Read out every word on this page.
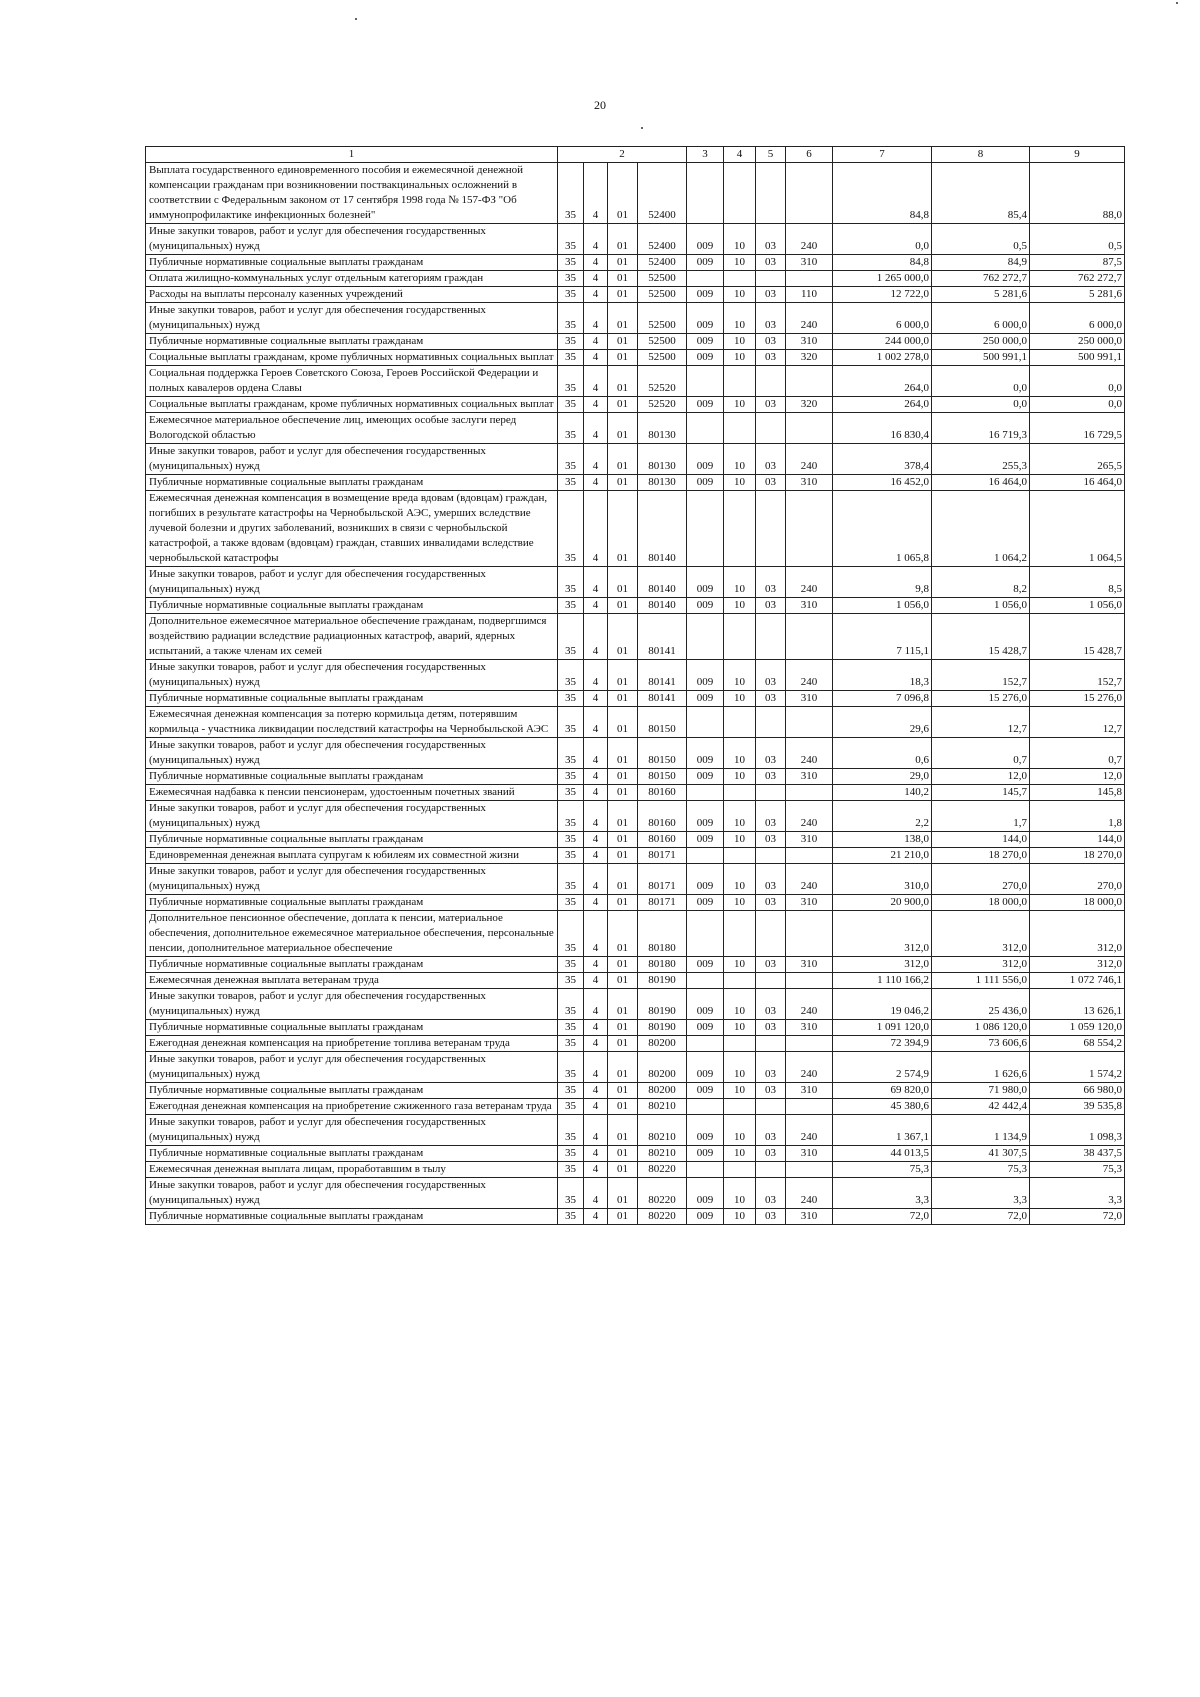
20
1	2				3	4	5	6	7	8	9
Выплата государственного единовременного пособия и ежемесячной денежной компенсации гражданам при возникновении поствакцинальных осложнений в соответствии с Федеральным законом от 17 сентября 1998 года № 157-ФЗ "Об иммунопрофилактике инфекционных болезней"	35	4	01	52400					84,8	85,4	88,0
Иные закупки товаров, работ и услуг для обеспечения государственных (муниципальных) нужд	35	4	01	52400	009	10	03	240	0,0	0,5	0,5
Публичные нормативные социальные выплаты гражданам	35	4	01	52400	009	10	03	310	84,8	84,9	87,5
Оплата жилищно-коммунальных услуг отдельным категориям граждан	35	4	01	52500					1 265 000,0	762 272,7	762 272,7
Расходы на выплаты персоналу казенных учреждений	35	4	01	52500	009	10	03	110	12 722,0	5 281,6	5 281,6
Иные закупки товаров, работ и услуг для обеспечения государственных (муниципальных) нужд	35	4	01	52500	009	10	03	240	6 000,0	6 000,0	6 000,0
Публичные нормативные социальные выплаты гражданам	35	4	01	52500	009	10	03	310	244 000,0	250 000,0	250 000,0
Социальные выплаты гражданам, кроме публичных нормативных социальных выплат	35	4	01	52500	009	10	03	320	1 002 278,0	500 991,1	500 991,1
Социальная поддержка Героев Советского Союза, Героев Российской Федерации и полных кавалеров ордена Славы	35	4	01	52520					264,0	0,0	0,0
Социальные выплаты гражданам, кроме публичных нормативных социальных выплат	35	4	01	52520	009	10	03	320	264,0	0,0	0,0
Ежемесячное материальное обеспечение лиц, имеющих особые заслуги перед Вологодской областью	35	4	01	80130					16 830,4	16 719,3	16 729,5
Иные закупки товаров, работ и услуг для обеспечения государственных (муниципальных) нужд	35	4	01	80130	009	10	03	240	378,4	255,3	265,5
Публичные нормативные социальные выплаты гражданам	35	4	01	80130	009	10	03	310	16 452,0	16 464,0	16 464,0
Ежемесячная денежная компенсация в возмещение вреда вдовам (вдовцам) граждан, погибших в результате катастрофы на Чернобыльской АЭС, умерших вследствие лучевой болезни и других заболеваний, возникших в связи с чернобыльской катастрофой, а также вдовам (вдовцам) граждан, ставших инвалидами вследствие чернобыльской катастрофы	35	4	01	80140					1 065,8	1 064,2	1 064,5
Иные закупки товаров, работ и услуг для обеспечения государственных (муниципальных) нужд	35	4	01	80140	009	10	03	240	9,8	8,2	8,5
Публичные нормативные социальные выплаты гражданам	35	4	01	80140	009	10	03	310	1 056,0	1 056,0	1 056,0
Дополнительное ежемесячное материальное обеспечение гражданам, подвергшимся воздействию радиации вследствие радиационных катастроф, аварий, ядерных испытаний, а также членам их семей	35	4	01	80141					7 115,1	15 428,7	15 428,7
Иные закупки товаров, работ и услуг для обеспечения государственных (муниципальных) нужд	35	4	01	80141	009	10	03	240	18,3	152,7	152,7
Публичные нормативные социальные выплаты гражданам	35	4	01	80141	009	10	03	310	7 096,8	15 276,0	15 276,0
Ежемесячная денежная компенсация за потерю кормильца детям, потерявшим кормильца - участника ликвидации последствий катастрофы на Чернобыльской АЭС	35	4	01	80150					29,6	12,7	12,7
Иные закупки товаров, работ и услуг для обеспечения государственных (муниципальных) нужд	35	4	01	80150	009	10	03	240	0,6	0,7	0,7
Публичные нормативные социальные выплаты гражданам	35	4	01	80150	009	10	03	310	29,0	12,0	12,0
Ежемесячная надбавка к пенсии пенсионерам, удостоенным почетных званий	35	4	01	80160					140,2	145,7	145,8
Иные закупки товаров, работ и услуг для обеспечения государственных (муниципальных) нужд	35	4	01	80160	009	10	03	240	2,2	1,7	1,8
Публичные нормативные социальные выплаты гражданам	35	4	01	80160	009	10	03	310	138,0	144,0	144,0
Единовременная денежная выплата супругам к юбилеям их совместной жизни	35	4	01	80171					21 210,0	18 270,0	18 270,0
Иные закупки товаров, работ и услуг для обеспечения государственных (муниципальных) нужд	35	4	01	80171	009	10	03	240	310,0	270,0	270,0
Публичные нормативные социальные выплаты гражданам	35	4	01	80171	009	10	03	310	20 900,0	18 000,0	18 000,0
Дополнительное пенсионное обеспечение, доплата к пенсии, материальное обеспечения, дополнительное ежемесячное материальное обеспечения, персональные пенсии, дополнительное материальное обеспечение	35	4	01	80180					312,0	312,0	312,0
Публичные нормативные социальные выплаты гражданам	35	4	01	80180	009	10	03	310	312,0	312,0	312,0
Ежемесячная денежная выплата ветеранам труда	35	4	01	80190					1 110 166,2	1 111 556,0	1 072 746,1
Иные закупки товаров, работ и услуг для обеспечения государственных (муниципальных) нужд	35	4	01	80190	009	10	03	240	19 046,2	25 436,0	13 626,1
Публичные нормативные социальные выплаты гражданам	35	4	01	80190	009	10	03	310	1 091 120,0	1 086 120,0	1 059 120,0
Ежегодная денежная компенсация на приобретение топлива ветеранам труда	35	4	01	80200					72 394,9	73 606,6	68 554,2
Иные закупки товаров, работ и услуг для обеспечения государственных (муниципальных) нужд	35	4	01	80200	009	10	03	240	2 574,9	1 626,6	1 574,2
Публичные нормативные социальные выплаты гражданам	35	4	01	80200	009	10	03	310	69 820,0	71 980,0	66 980,0
Ежегодная денежная компенсация на приобретение сжиженного газа ветеранам труда	35	4	01	80210					45 380,6	42 442,4	39 535,8
Иные закупки товаров, работ и услуг для обеспечения государственных (муниципальных) нужд	35	4	01	80210	009	10	03	240	1 367,1	1 134,9	1 098,3
Публичные нормативные социальные выплаты гражданам	35	4	01	80210	009	10	03	310	44 013,5	41 307,5	38 437,5
Ежемесячная денежная выплата лицам, проработавшим в тылу	35	4	01	80220					75,3	75,3	75,3
Иные закупки товаров, работ и услуг для обеспечения государственных (муниципальных) нужд	35	4	01	80220	009	10	03	240	3,3	3,3	3,3
Публичные нормативные социальные выплаты гражданам	35	4	01	80220	009	10	03	310	72,0	72,0	72,0
